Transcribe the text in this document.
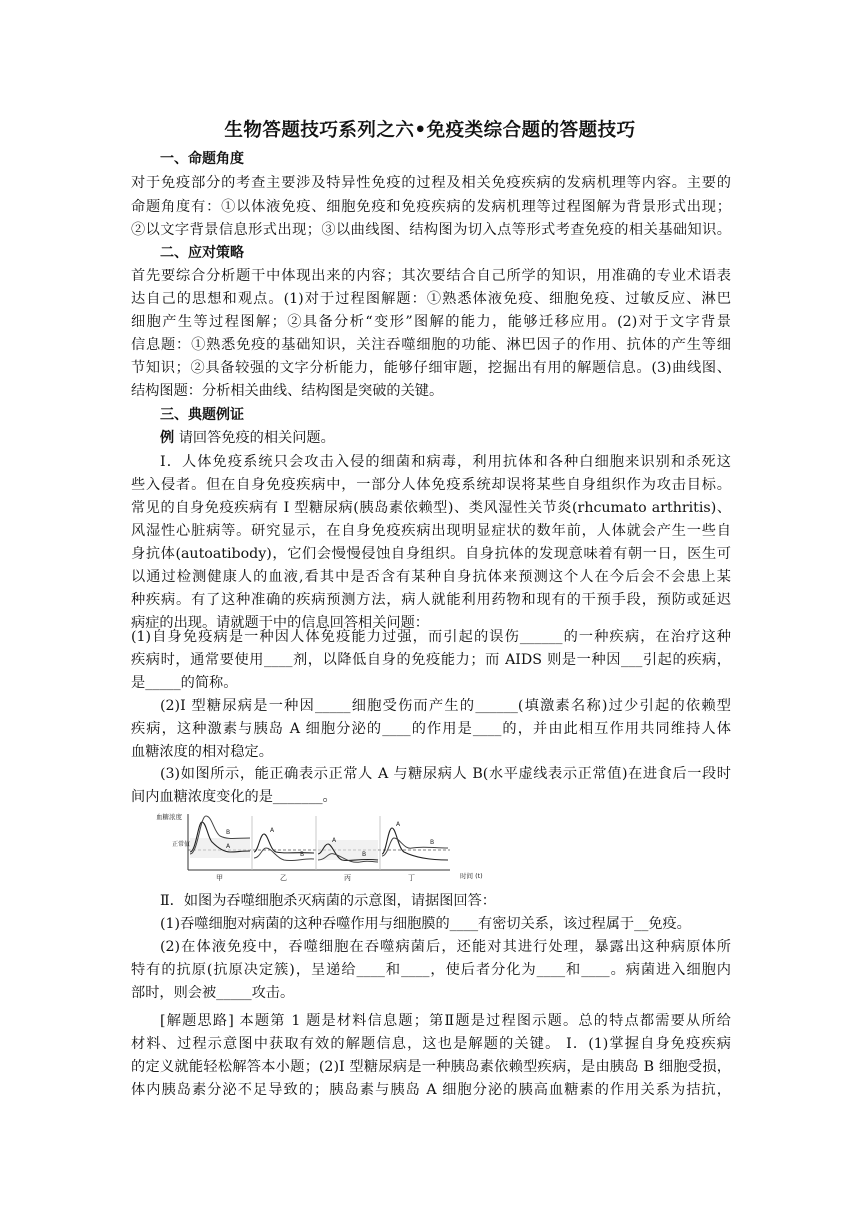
生物答题技巧系列之六•免疫类综合题的答题技巧
一、命题角度
对于免疫部分的考查主要涉及特异性免疫的过程及相关免疫疾病的发病机理等内容。主要的
命题角度有：①以体液免疫、细胞免疫和免疫疾病的发病机理等过程图解为背景形式出现；
②以文字背景信息形式出现；③以曲线图、结构图为切入点等形式考查免疫的相关基础知识。
二、应对策略
首先要综合分析题干中体现出来的内容；其次要结合自己所学的知识，用准确的专业术语表
达自己的思想和观点。(1)对于过程图解题：①熟悉体液免疫、细胞免疫、过敏反应、淋巴
细胞产生等过程图解；②具备分析“变形”图解的能力，能够迁移应用。(2)对于文字背景
信息题：①熟悉免疫的基础知识，关注吞噬细胞的功能、淋巴因子的作用、抗体的产生等细
节知识；②具备较强的文字分析能力，能够仔细审题，挖掘出有用的解题信息。(3)曲线图、
结构图题：分析相关曲线、结构图是突破的关键。
三、典题例证
例 请回答免疫的相关问题。
I．人体免疫系统只会攻击入侵的细菌和病毒，利用抗体和各种白细胞来识别和杀死这
些入侵者。但在自身免疫疾病中，一部分人体免疫系统却误将某些自身组织作为攻击目标。
常见的自身免疫疾病有 I 型糖尿病(胰岛素依赖型)、类风湿性关节炎(rhcumato arthritis)、
风湿性心脏病等。研究显示，在自身免疫疾病出现明显症状的数年前，人体就会产生一些自
身抗体(autoatibody)，它们会慢慢侵蚀自身组织。自身抗体的发现意味着有朝一日，医生可
以通过检测健康人的血液,看其中是否含有某种自身抗体来预测这个人在今后会不会患上某
种疾病。有了这种准确的疾病预测方法，病人就能利用药物和现有的干预手段，预防或延迟
病症的出现。请就题干中的信息回答相关问题：
(1)自身免疫病是一种因人体免疫能力过强，而引起的误伤______的一种疾病，在治疗这种
疾病时，通常要使用____剂，以降低自身的免疫能力；而 AIDS 则是一种因___引起的疾病，
是_____的简称。
(2)I 型糖尿病是一种因_____细胞受伤而产生的______(填激素名称)过少引起的依赖型
疾病，这种激素与胰岛 A 细胞分泌的____的作用是____的，并由此相互作用共同维持人体
血糖浓度的相对稳定。
(3)如图所示，能正确表示正常人 A 与糖尿病人 B(水平虚线表示正常值)在进食后一段时
间内血糖浓度变化的是_______。
血糖浓度
正常值
时间 (t)
甲	乙	丙	丁
B
A
A
B
A
B
A
B
Ⅱ．如图为吞噬细胞杀灭病菌的示意图，请据图回答：
(1)吞噬细胞对病菌的这种吞噬作用与细胞膜的____有密切关系，该过程属于__免疫。
(2)在体液免疫中，吞噬细胞在吞噬病菌后，还能对其进行处理，暴露出这种病原体所
特有的抗原(抗原决定簇)，呈递给____和____，使后者分化为____和____。病菌进入细胞内
部时，则会被_____攻击。
[解题思路] 本题第 1 题是材料信息题；第Ⅱ题是过程图示题。总的特点都需要从所给
材料、过程示意图中获取有效的解题信息，这也是解题的关键。 I．(1)掌握自身免疫疾病
的定义就能轻松解答本小题；(2)I 型糖尿病是一种胰岛素依赖型疾病，是由胰岛 B 细胞受损，
体内胰岛素分泌不足导致的；胰岛素与胰岛 A 细胞分泌的胰高血糖素的作用关系为拮抗，
